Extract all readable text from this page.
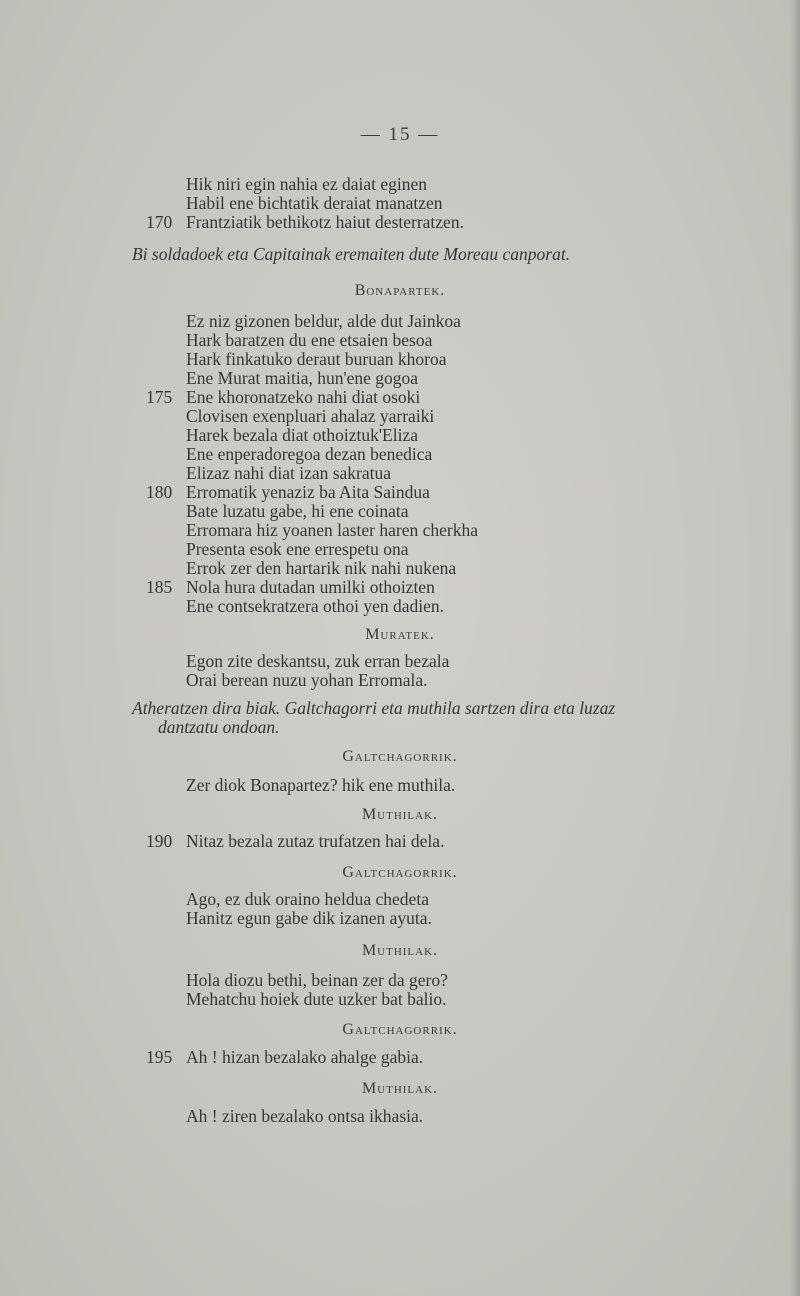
— 15 —
Hik niri egin nahia ez daiat eginen
Habil ene bichtatik deraiat manatzen
170 Frantziatik bethikotz haiut desterratzen.
Bi soldadoek eta Capitainak eremaiten dute Moreau canporat.
Bonapartek.
Ez niz gizonen beldur, alde dut Jainkoa
Hark baratzen du ene etsaien besoa
Hark finkatuko deraut buruan khoroa
Ene Murat maitia, hun'ene gogoa
175 Ene khoronatzeko nahi diat osoki
Clovisen exenpluari ahalaz yarraiki
Harek bezala diat othoiztuk'Eliza
Ene enperadoregoa dezan benedica
Elizaz nahi diat izan sakratua
180 Erromatik yenaziz ba Aita Saindua
Bate luzatu gabe, hi ene coinata
Erromara hiz yoanen laster haren cherkha
Presenta esok ene errespetu ona
Errok zer den hartarik nik nahi nukena
185 Nola hura dutadan umilki othoizten
Ene contsekratzera othoi yen dadien.
Muratek.
Egon zite deskantsu, zuk erran bezala
Orai berean nuzu yohan Erromala.
Atheratzen dira biak. Galtchagorri eta muthila sartzen dira eta luzaz
dantzatu ondoan.
Galtchagorrik.
Zer diok Bonapartez? hik ene muthila.
Muthilak.
190 Nitaz bezala zutaz trufatzen hai dela.
Galtchagorrik.
Ago, ez duk oraino heldua chedeta
Hanitz egun gabe dik izanen ayuta.
Muthilak.
Hola diozu bethi, beinan zer da gero?
Mehatchu hoiek dute uzker bat balio.
Galtchagorrik.
195 Ah ! hizan bezalako ahalge gabia.
Muthilak.
Ah ! ziren bezalako ontsa ikhasia.
